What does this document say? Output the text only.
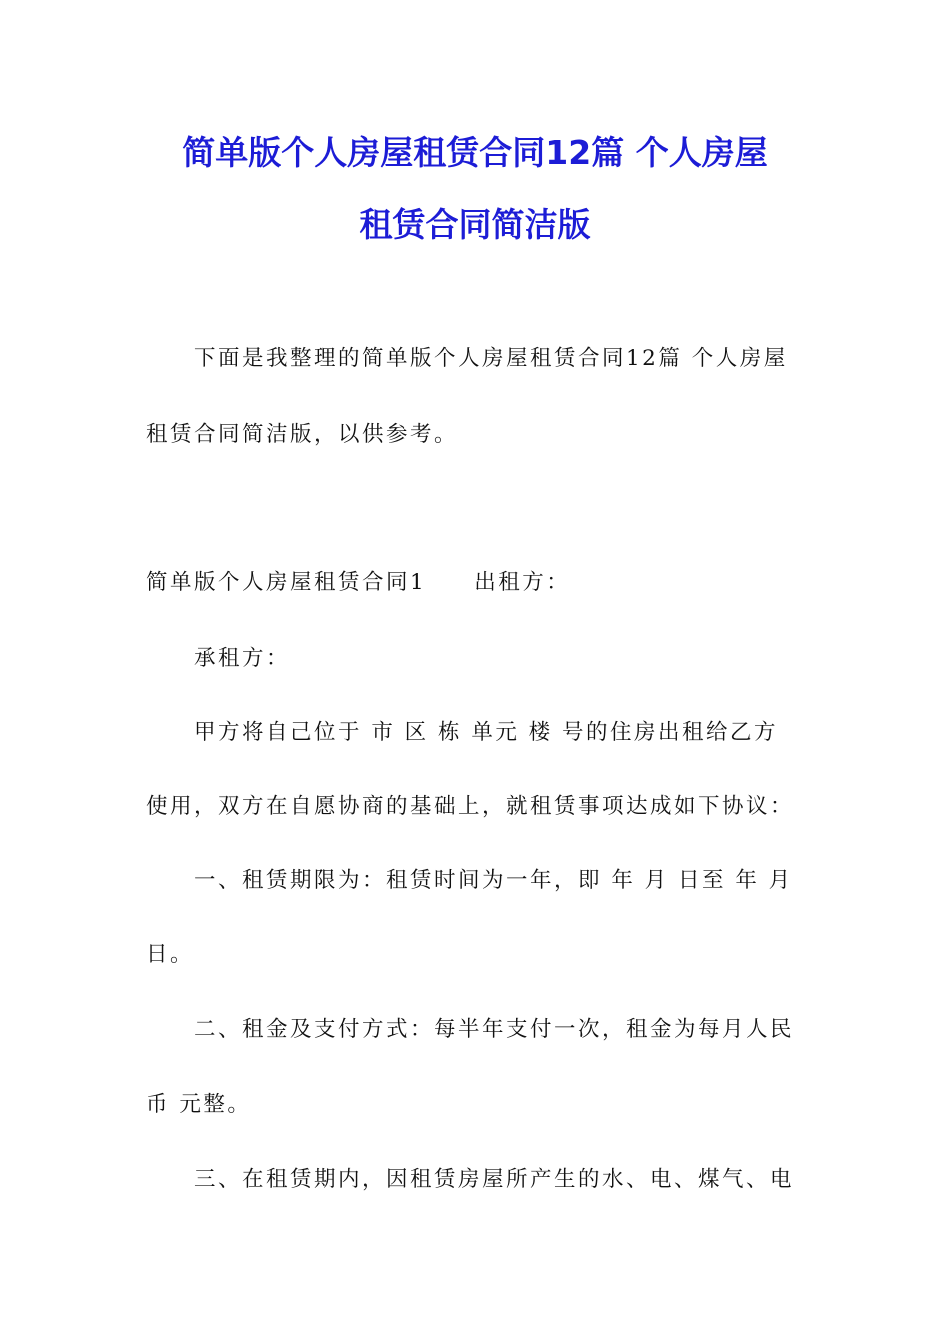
简单版个人房屋租赁合同12篇 个人房屋
租赁合同简洁版
下面是我整理的简单版个人房屋租赁合同12篇 个人房屋
租赁合同简洁版，以供参考。
简单版个人房屋租赁合同1 出租方：
承租方：
甲方将自己位于 市 区 栋 单元 楼 号的住房出租给乙方
使用，双方在自愿协商的基础上，就租赁事项达成如下协议：
一、租赁期限为：租赁时间为一年，即 年 月 日至 年 月
日。
二、租金及支付方式：每半年支付一次，租金为每月人民
币 元整。
三、在租赁期内，因租赁房屋所产生的水、电、煤气、电
